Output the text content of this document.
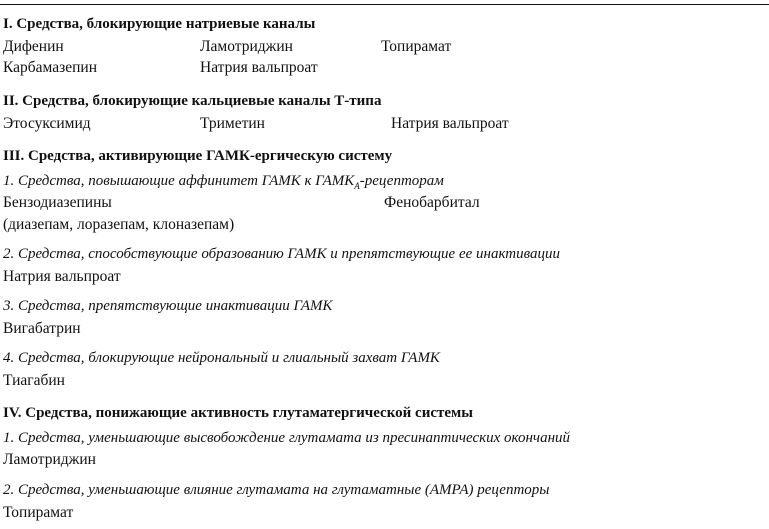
I. Средства, блокирующие натриевые каналы
Дифенин	Ламотриджин	Топирамат
Карбамазепин	Натрия вальпроат
II. Средства, блокирующие кальциевые каналы Т-типа
Этосуксимид	Триметин	Натрия вальпроат
III. Средства, активирующие ГАМК-ергическую систему
1. Средства, повышающие аффинитет ГАМК к $ГАМК_A$-рецепторам
Бензодиазепины	Фенобарбитал
(диазепам, лоразепам, клоназепам)
2. Средства, способствующие образованию ГАМК и препятствующие ее инактивации
Натрия вальпроат
3. Средства, препятствующие инактивации ГАМК
Вигабатрин
4. Средства, блокирующие нейрональный и глиальный захват ГАМК
Тиагабин
IV. Средства, понижающие активность глутаматергической системы
1. Средства, уменьшающие высвобождение глутамата из пресинаптических окончаний
Ламотриджин
2. Средства, уменьшающие влияние глутамата на глутаматные (АМРА) рецепторы
Топирамат
